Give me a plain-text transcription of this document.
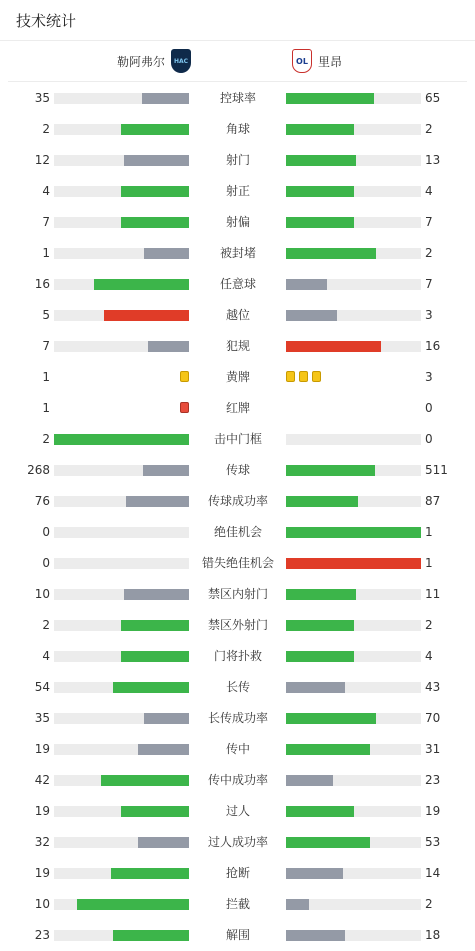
技术统计
勒阿弗尔 HAC	OL 里昂
35	控球率	65
2	角球	2
12	射门	13
4	射正	4
7	射偏	7
1	被封堵	2
16	任意球	7
5	越位	3
7	犯规	16
1	黄牌	3
1	红牌	0
2	击中门框	0
268	传球	511
76	传球成功率	87
0	绝佳机会	1
0	错失绝佳机会	1
10	禁区内射门	11
2	禁区外射门	2
4	门将扑救	4
54	长传	43
35	长传成功率	70
19	传中	31
42	传中成功率	23
19	过人	19
32	过人成功率	53
19	抢断	14
10	拦截	2
23	解围	18
